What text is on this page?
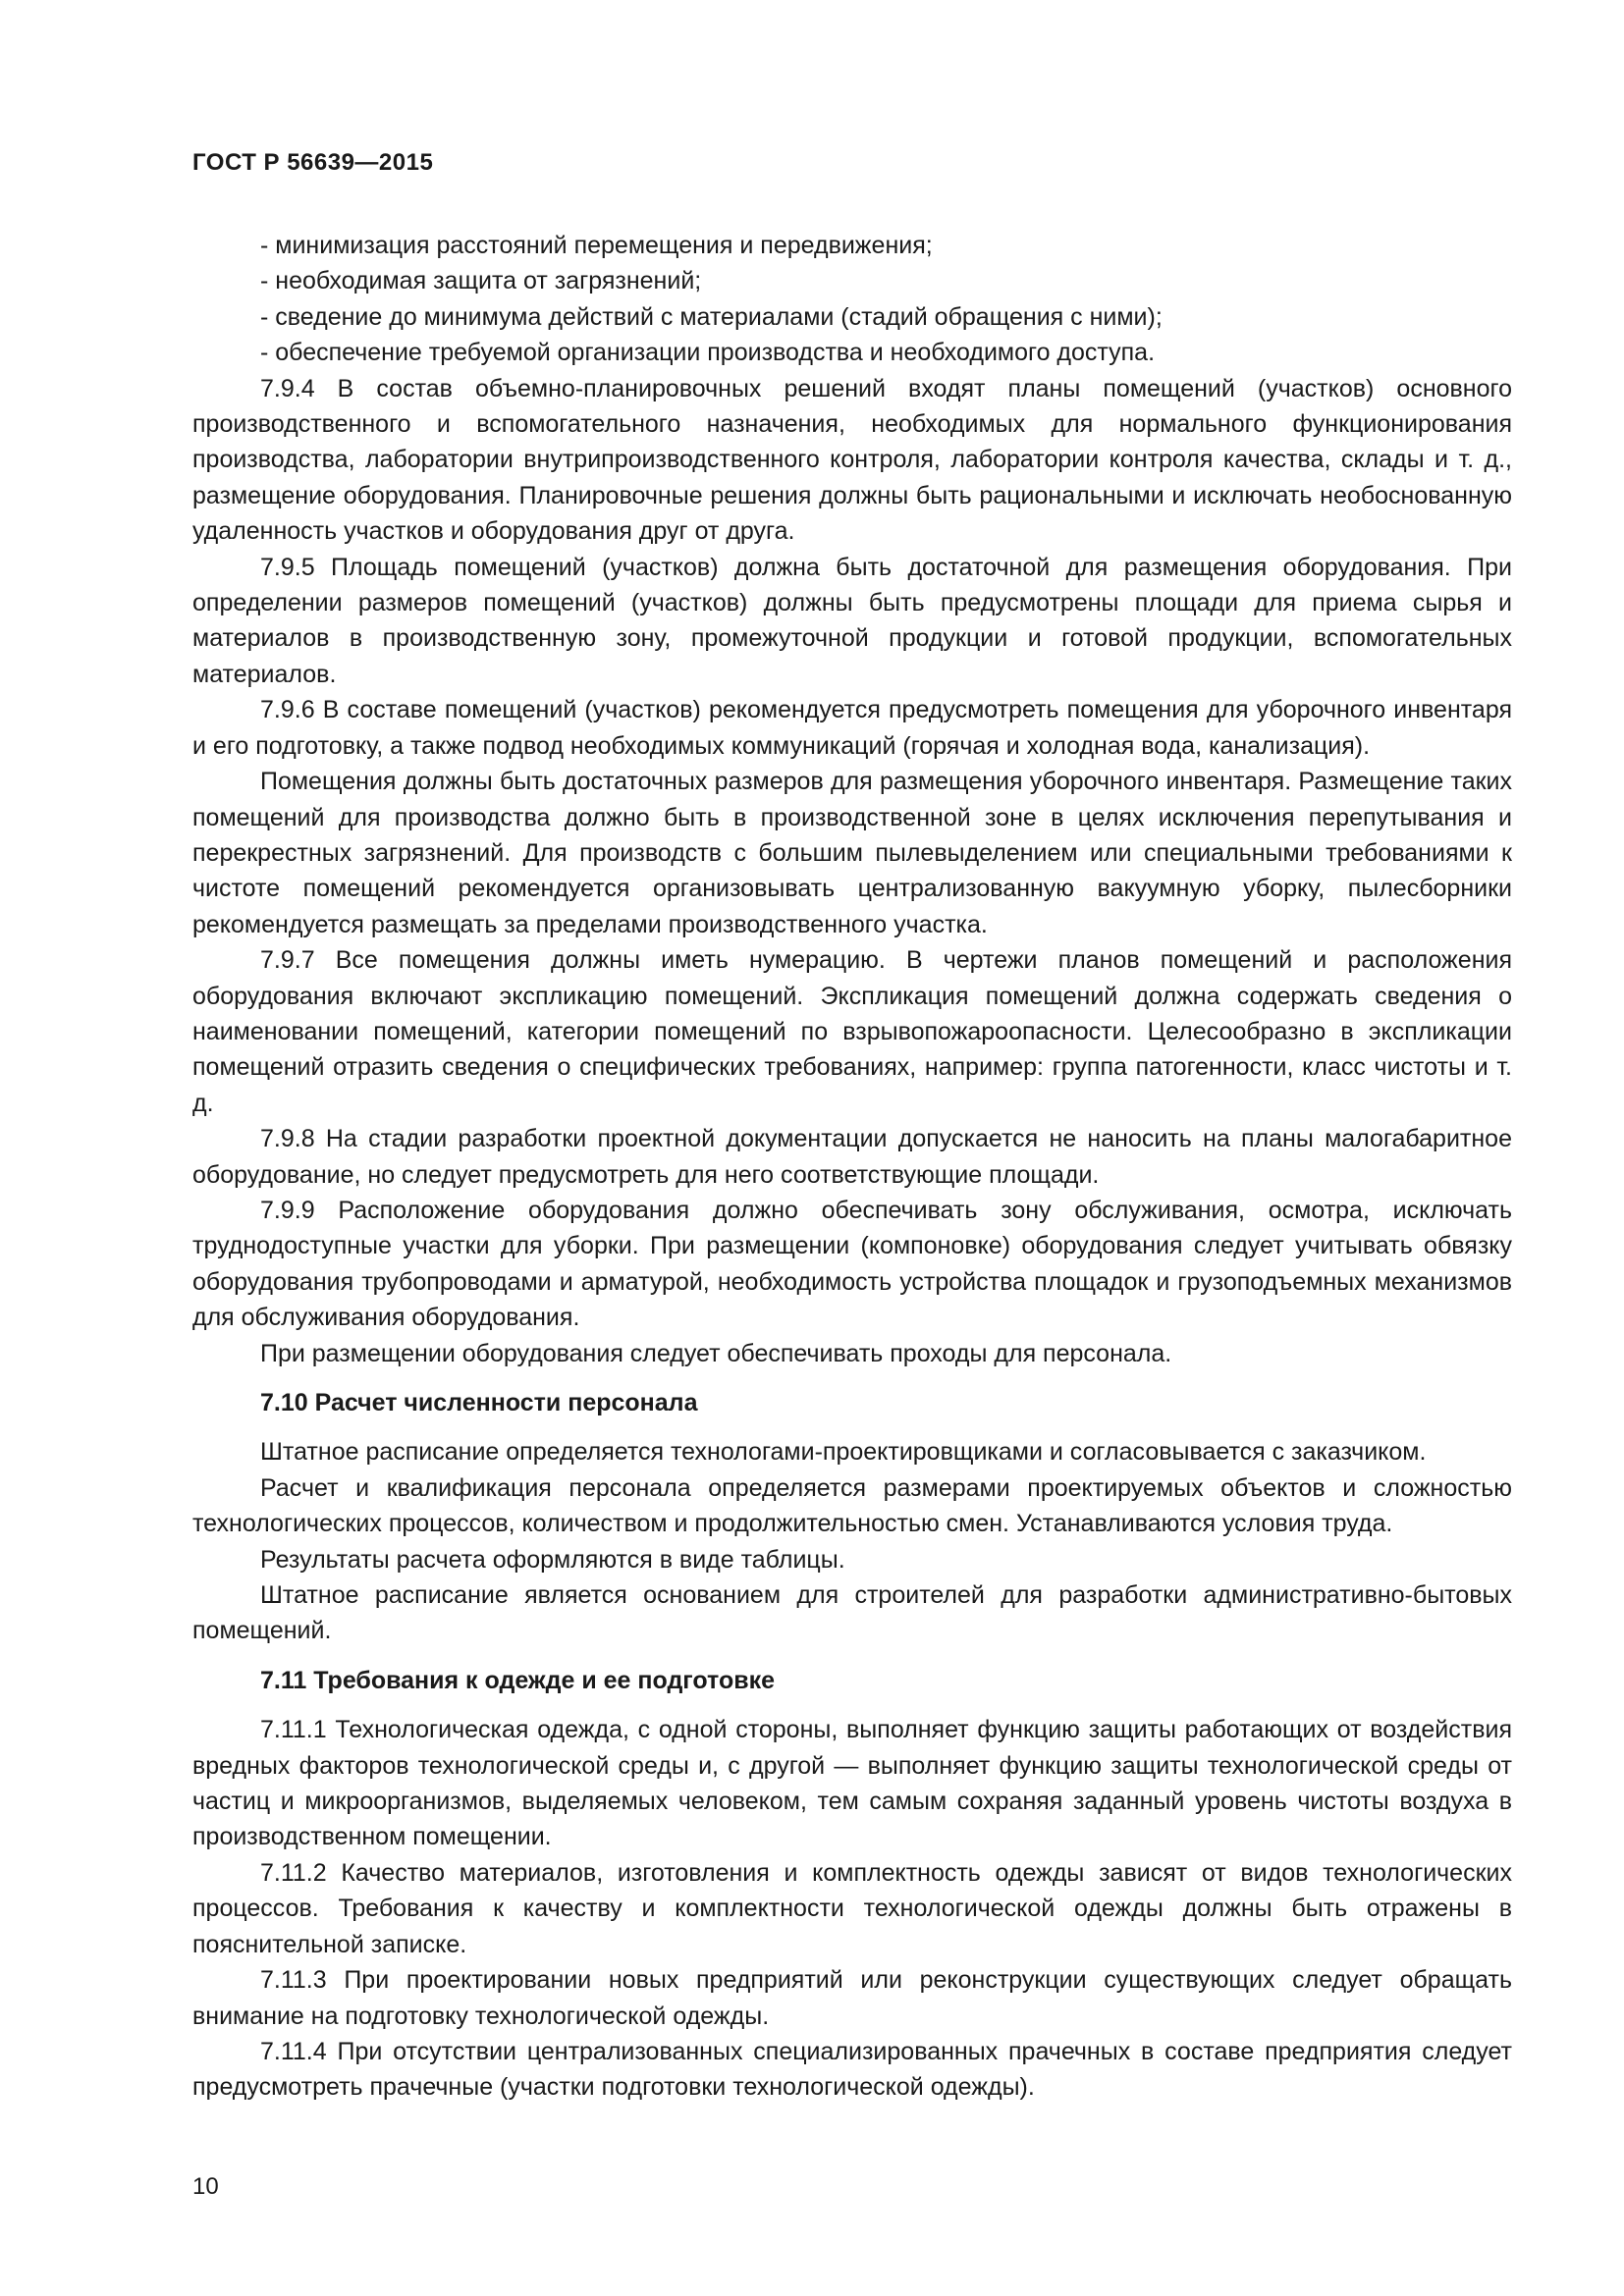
ГОСТ Р 56639—2015
- минимизация расстояний перемещения и передвижения;
- необходимая защита от загрязнений;
- сведение до минимума действий с материалами (стадий обращения с ними);
- обеспечение требуемой организации производства и необходимого доступа.

7.9.4 В состав объемно-планировочных решений входят планы помещений (участков) основного производственного и вспомогательного назначения, необходимых для нормального функционирования производства, лаборатории внутрипроизводственного контроля, лаборатории контроля качества, склады и т. д., размещение оборудования. Планировочные решения должны быть рациональными и исключать необоснованную удаленность участков и оборудования друг от друга.

7.9.5 Площадь помещений (участков) должна быть достаточной для размещения оборудования. При определении размеров помещений (участков) должны быть предусмотрены площади для приема сырья и материалов в производственную зону, промежуточной продукции и готовой продукции, вспомогательных материалов.

7.9.6 В составе помещений (участков) рекомендуется предусмотреть помещения для уборочного инвентаря и его подготовку, а также подвод необходимых коммуникаций (горячая и холодная вода, канализация).

Помещения должны быть достаточных размеров для размещения уборочного инвентаря. Размещение таких помещений для производства должно быть в производственной зоне в целях исключения перепутывания и перекрестных загрязнений. Для производств с большим пылевыделением или специальными требованиями к чистоте помещений рекомендуется организовывать централизованную вакуумную уборку, пылесборники рекомендуется размещать за пределами производственного участка.

7.9.7 Все помещения должны иметь нумерацию. В чертежи планов помещений и расположения оборудования включают экспликацию помещений. Экспликация помещений должна содержать сведения о наименовании помещений, категории помещений по взрывопожароопасности. Целесообразно в экспликации помещений отразить сведения о специфических требованиях, например: группа патогенности, класс чистоты и т. д.

7.9.8 На стадии разработки проектной документации допускается не наносить на планы малогабаритное оборудование, но следует предусмотреть для него соответствующие площади.

7.9.9 Расположение оборудования должно обеспечивать зону обслуживания, осмотра, исключать труднодоступные участки для уборки. При размещении (компоновке) оборудования следует учитывать обвязку оборудования трубопроводами и арматурой, необходимость устройства площадок и грузоподъемных механизмов для обслуживания оборудования.

При размещении оборудования следует обеспечивать проходы для персонала.

7.10 Расчет численности персонала

Штатное расписание определяется технологами-проектировщиками и согласовывается с заказчиком.

Расчет и квалификация персонала определяется размерами проектируемых объектов и сложностью технологических процессов, количеством и продолжительностью смен. Устанавливаются условия труда.

Результаты расчета оформляются в виде таблицы.

Штатное расписание является основанием для строителей для разработки административно-бытовых помещений.

7.11 Требования к одежде и ее подготовке

7.11.1 Технологическая одежда, с одной стороны, выполняет функцию защиты работающих от воздействия вредных факторов технологической среды и, с другой — выполняет функцию защиты технологической среды от частиц и микроорганизмов, выделяемых человеком, тем самым сохраняя заданный уровень чистоты воздуха в производственном помещении.

7.11.2 Качество материалов, изготовления и комплектность одежды зависят от видов технологических процессов. Требования к качеству и комплектности технологической одежды должны быть отражены в пояснительной записке.

7.11.3 При проектировании новых предприятий или реконструкции существующих следует обращать внимание на подготовку технологической одежды.

7.11.4 При отсутствии централизованных специализированных прачечных в составе предприятия следует предусмотреть прачечные (участки подготовки технологической одежды).

10
